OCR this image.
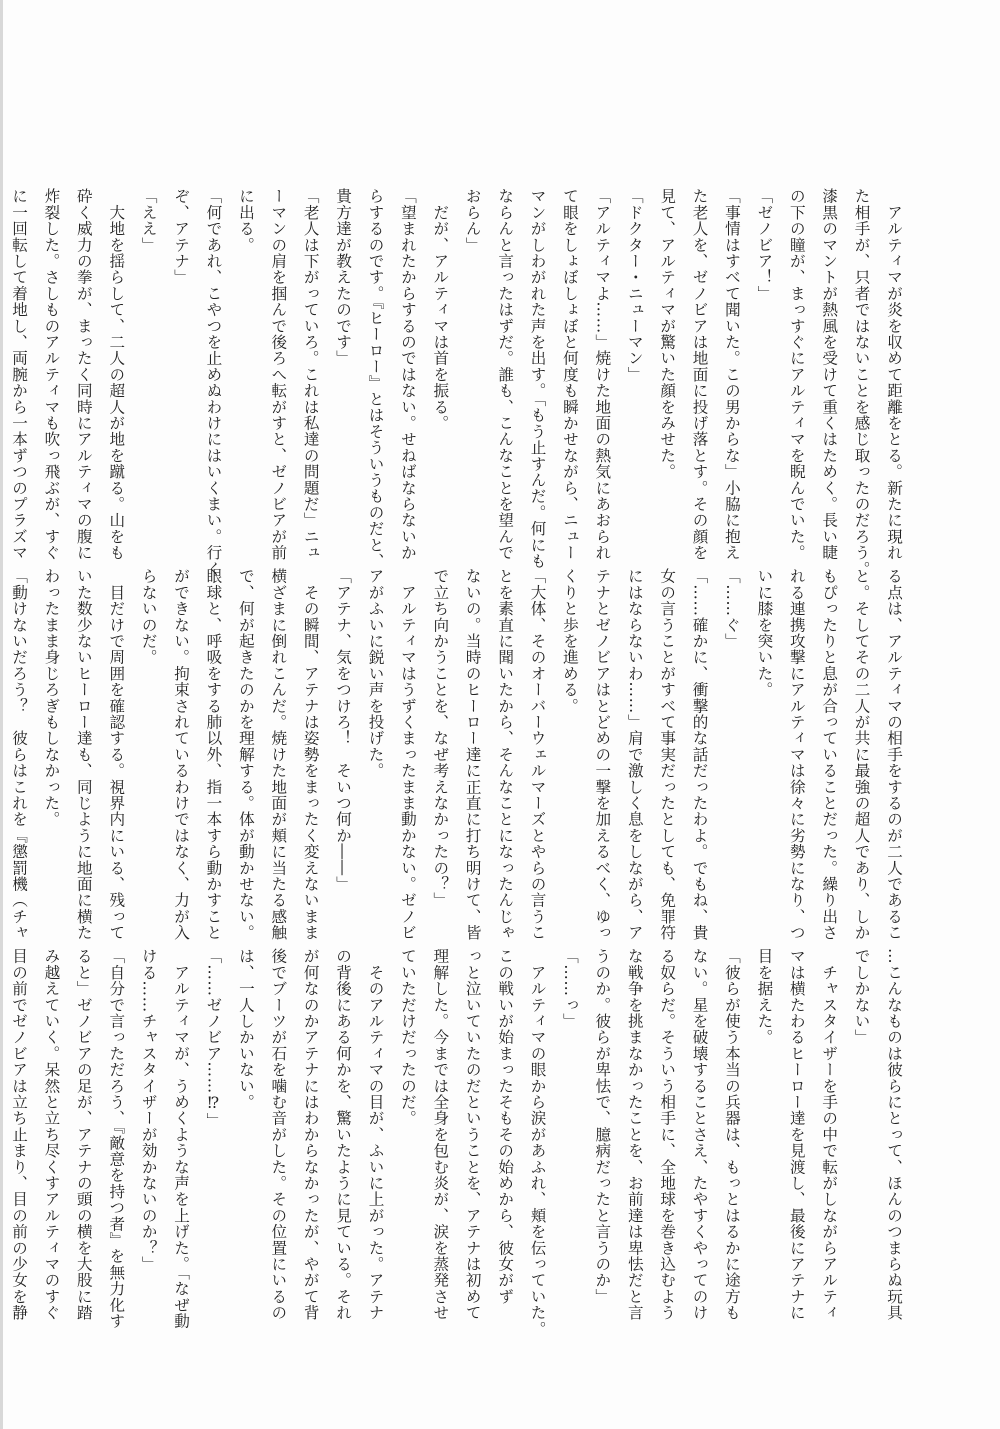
　アルティマが炎を収めて距離をとる。新たに現れ

た相手が、只者ではないことを感じ取ったのだろう。

漆黒のマントが熱風を受けて重くはためく。長い睫

の下の瞳が、まっすぐにアルティマを睨んでいた。

「ゼノビア！」

「事情はすべて聞いた。この男からな」小脇に抱え

た老人を、ゼノビアは地面に投げ落とす。その顔を

見て、アルティマが驚いた顔をみせた。

「ドクター・ニューマン」

「アルティマよ……」焼けた地面の熱気にあおられ

て眼をしょぼしょぼと何度も瞬かせながら、ニュー

マンがしわがれた声を出す。「もう止すんだ。何にも

ならんと言ったはずだ。誰も、こんなことを望んで

おらん」

　だが、アルティマは首を振る。

「望まれたからするのではない。せねばならないか

らするのです。『ヒーロー』とはそういうものだと、

貴方達が教えたのです」

「老人は下がっていろ。これは私達の問題だ」ニュ

ーマンの肩を掴んで後ろへ転がすと、ゼノビアが前

に出る。

「何であれ、こやつを止めぬわけにはいくまい。行く

ぞ、アテナ」

「ええ」

　大地を揺らして、二人の超人が地を蹴る。山をも

砕く威力の拳が、まったく同時にアルティマの腹に

炸裂した。さしものアルティマも吹っ飛ぶが、すぐ

に一回転して着地し、両腕から一本ずつのプラズマ

る点は、アルティマの相手をするのが二人であるこ

と。そしてその二人が共に最強の超人であり、しか

もぴったりと息が合っていることだった。繰り出さ

れる連携攻撃にアルティマは徐々に劣勢になり、つ

いに膝を突いた。

「……ぐ」

「……確かに、衝撃的な話だったわよ。でもね、貴

女の言うことがすべて事実だったとしても、免罪符

にはならないわ……」肩で激しく息をしながら、ア

テナとゼノビアはとどめの一撃を加えるべく、ゆっ

くりと歩を進める。

「大体、そのオーバーウェルマーズとやらの言うこ

とを素直に聞いたから、そんなことになったんじゃ

ないの。当時のヒーロー達に正直に打ち明けて、皆

で立ち向かうことを、なぜ考えなかったの？」

　アルティマはうずくまったまま動かない。ゼノビ

アがふいに鋭い声を投げた。

「アテナ、気をつけろ！　そいつ何か――」

　その瞬間、アテナは姿勢をまったく変えないまま

横ざまに倒れこんだ。焼けた地面が頬に当たる感触

で、何が起きたのかを理解する。体が動かせない。

眼球と、呼吸をする肺以外、指一本すら動かすこと

ができない。拘束されているわけではなく、力が入

らないのだ。

　目だけで周囲を確認する。視界内にいる、残って

いた数少ないヒーロー達も、同じように地面に横た

わったまま身じろぎもしなかった。

「動けないだろう？　彼らはこれを『懲罰機（チャ

…こんなものは彼らにとって、ほんのつまらぬ玩具

でしかない」

　チャスタイザーを手の中で転がしながらアルティ

マは横たわるヒーロー達を見渡し、最後にアテナに

目を据えた。

「彼らが使う本当の兵器は、もっとはるかに途方も

ない。星を破壊することさえ、たやすくやってのけ

る奴らだ。そういう相手に、全地球を巻き込むよう

な戦争を挑まなかったことを、お前達は卑怯だと言

うのか。彼らが卑怯で、臆病だったと言うのか」

「……っ」

　アルティマの眼から涙があふれ、頬を伝っていた。

この戦いが始まったそもその始めから、彼女がず

っと泣いていたのだということを、アテナは初めて

理解した。今までは全身を包む炎が、涙を蒸発させ

ていただけだったのだ。

　そのアルティマの目が、ふいに上がった。アテナ

の背後にある何かを、驚いたように見ている。それ

が何なのかアテナにはわからなかったが、やがて背

後でブーツが石を噛む音がした。その位置にいるの

は、一人しかいない。

「……ゼノビア……⁉」

　アルティマが、うめくような声を上げた。「なぜ動

ける……チャスタイザーが効かないのか？」

「自分で言っただろう、『敵意を持つ者』を無力化す

ると」ゼノビアの足が、アテナの頭の横を大股に踏

み越えていく。呆然と立ち尽くすアルティマのすぐ

目の前でゼノビアは立ち止まり、目の前の少女を静
